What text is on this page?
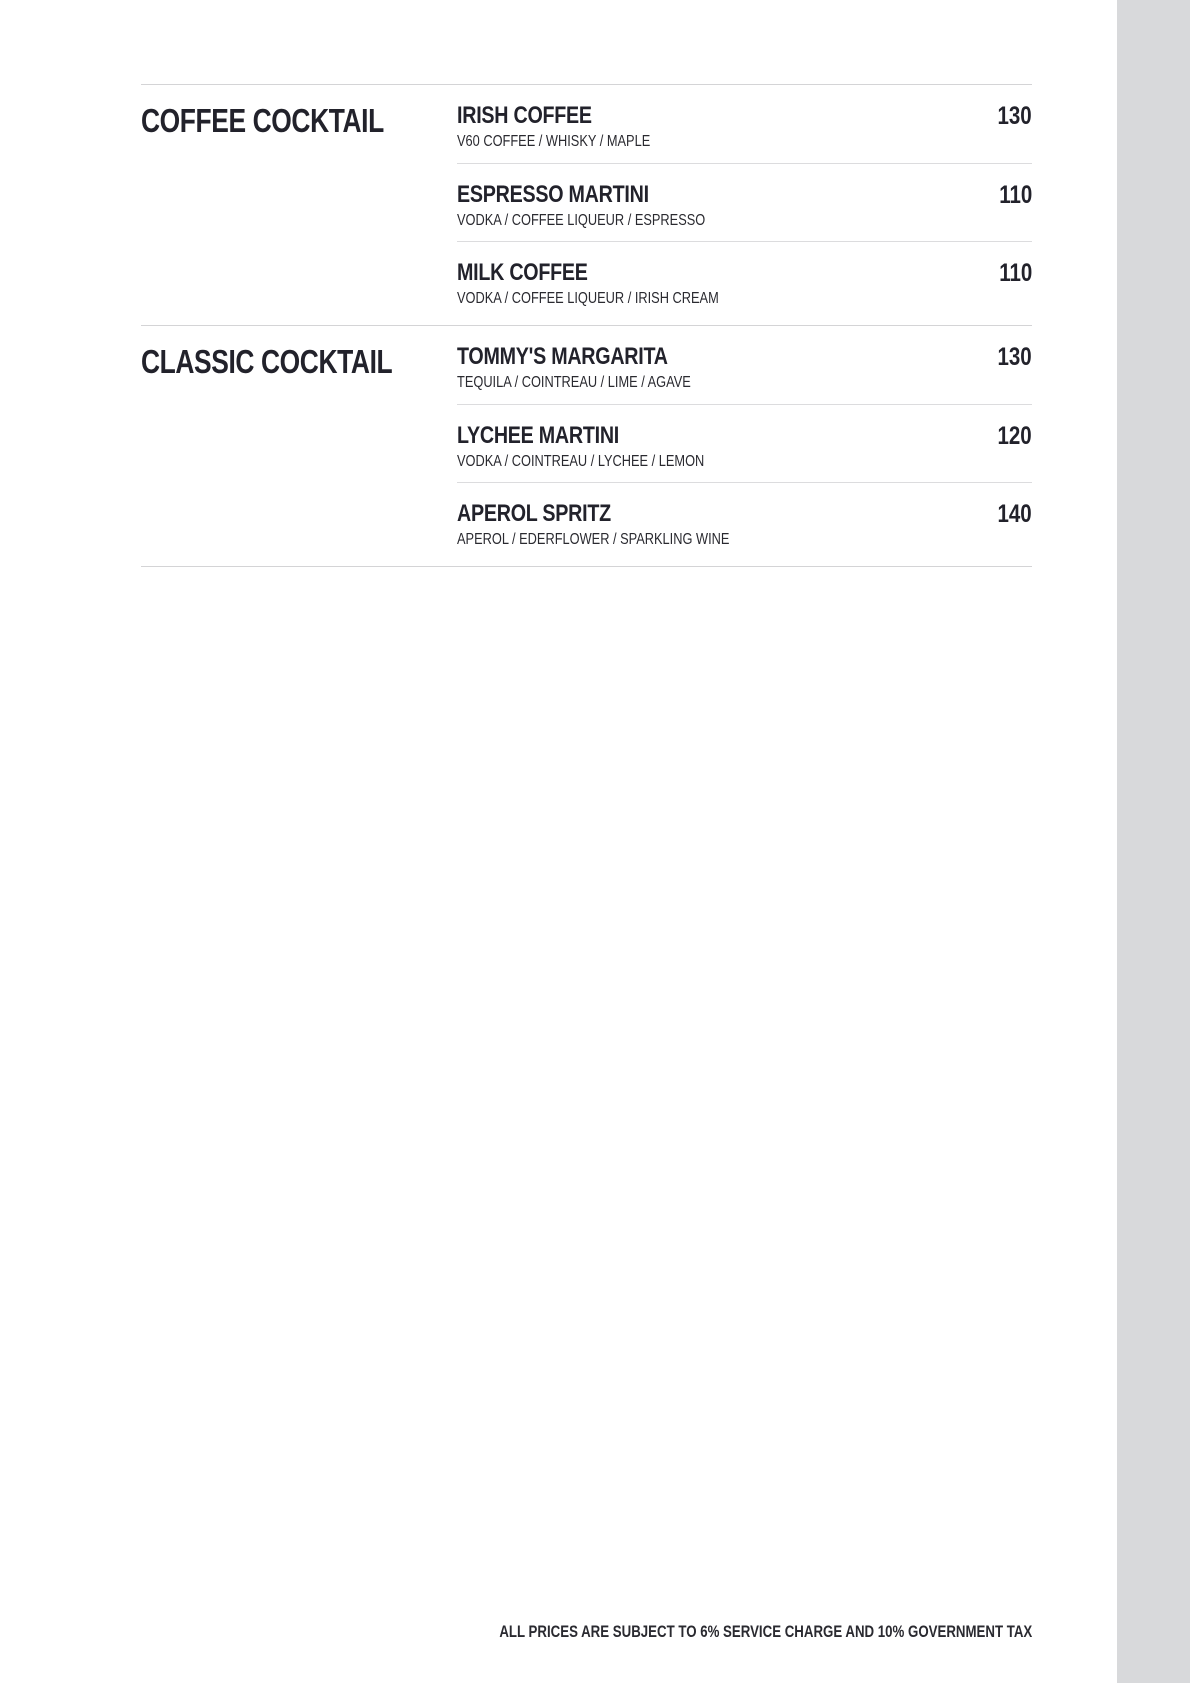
COFFEE COCKTAIL	IRISH COFFEE
V60 COFFEE / WHISKY / MAPLE
130
ESPRESSO MARTINI
VODKA / COFFEE LIQUEUR / ESPRESSO
110
MILK COFFEE
VODKA / COFFEE LIQUEUR / IRISH CREAM
110
CLASSIC COCKTAIL	TOMMY'S MARGARITA
TEQUILA / COINTREAU / LIME / AGAVE
130
LYCHEE MARTINI
VODKA / COINTREAU / LYCHEE / LEMON
120
APEROL SPRITZ
APEROL / EDERFLOWER / SPARKLING WINE
140
ALL PRICES ARE SUBJECT TO 6% SERVICE CHARGE AND 10% GOVERNMENT TAX
